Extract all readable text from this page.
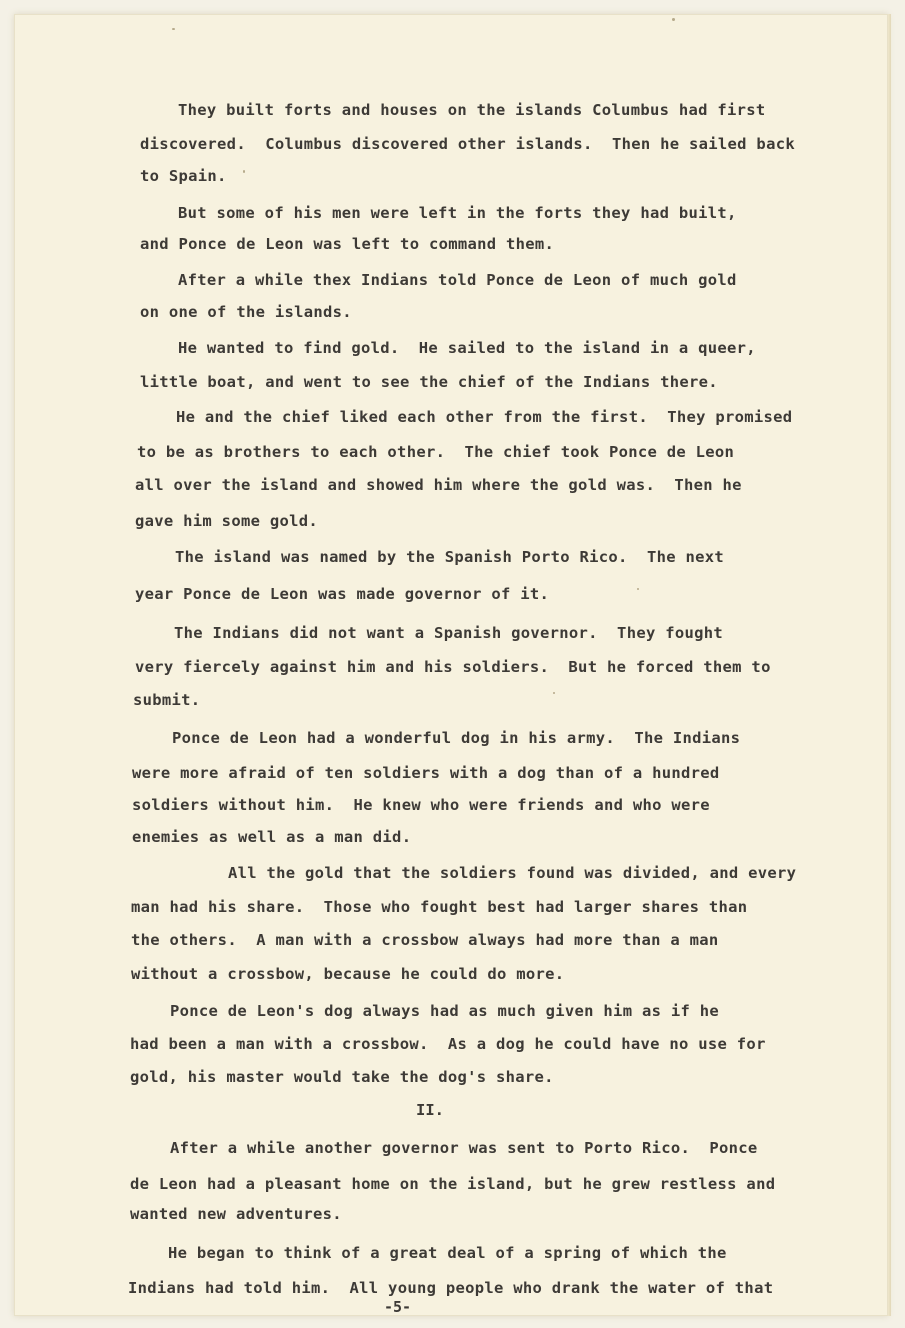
They built forts and houses on the islands Columbus had first

discovered.  Columbus discovered other islands.  Then he sailed back

to Spain.

But some of his men were left in the forts they had built,

and Ponce de Leon was left to command them.

After a while thex Indians told Ponce de Leon of much gold

on one of the islands.

He wanted to find gold.  He sailed to the island in a queer,

little boat, and went to see the chief of the Indians there.

He and the chief liked each other from the first.  They promised

to be as brothers to each other.  The chief took Ponce de Leon

all over the island and showed him where the gold was.  Then he

gave him some gold.

The island was named by the Spanish Porto Rico.  The next

year Ponce de Leon was made governor of it.

The Indians did not want a Spanish governor.  They fought

very fiercely against him and his soldiers.  But he forced them to

submit.

Ponce de Leon had a wonderful dog in his army.  The Indians

were more afraid of ten soldiers with a dog than of a hundred

soldiers without him.  He knew who were friends and who were

enemies as well as a man did.

All the gold that the soldiers found was divided, and every

man had his share.  Those who fought best had larger shares than

the others.  A man with a crossbow always had more than a man

without a crossbow, because he could do more.

Ponce de Leon's dog always had as much given him as if he

had been a man with a crossbow.  As a dog he could have no use for

gold, his master would take the dog's share.

II.

After a while another governor was sent to Porto Rico.  Ponce

de Leon had a pleasant home on the island, but he grew restless and

wanted new adventures.

He began to think of a great deal of a spring of which the

Indians had told him.  All young people who drank the water of that

-5-
